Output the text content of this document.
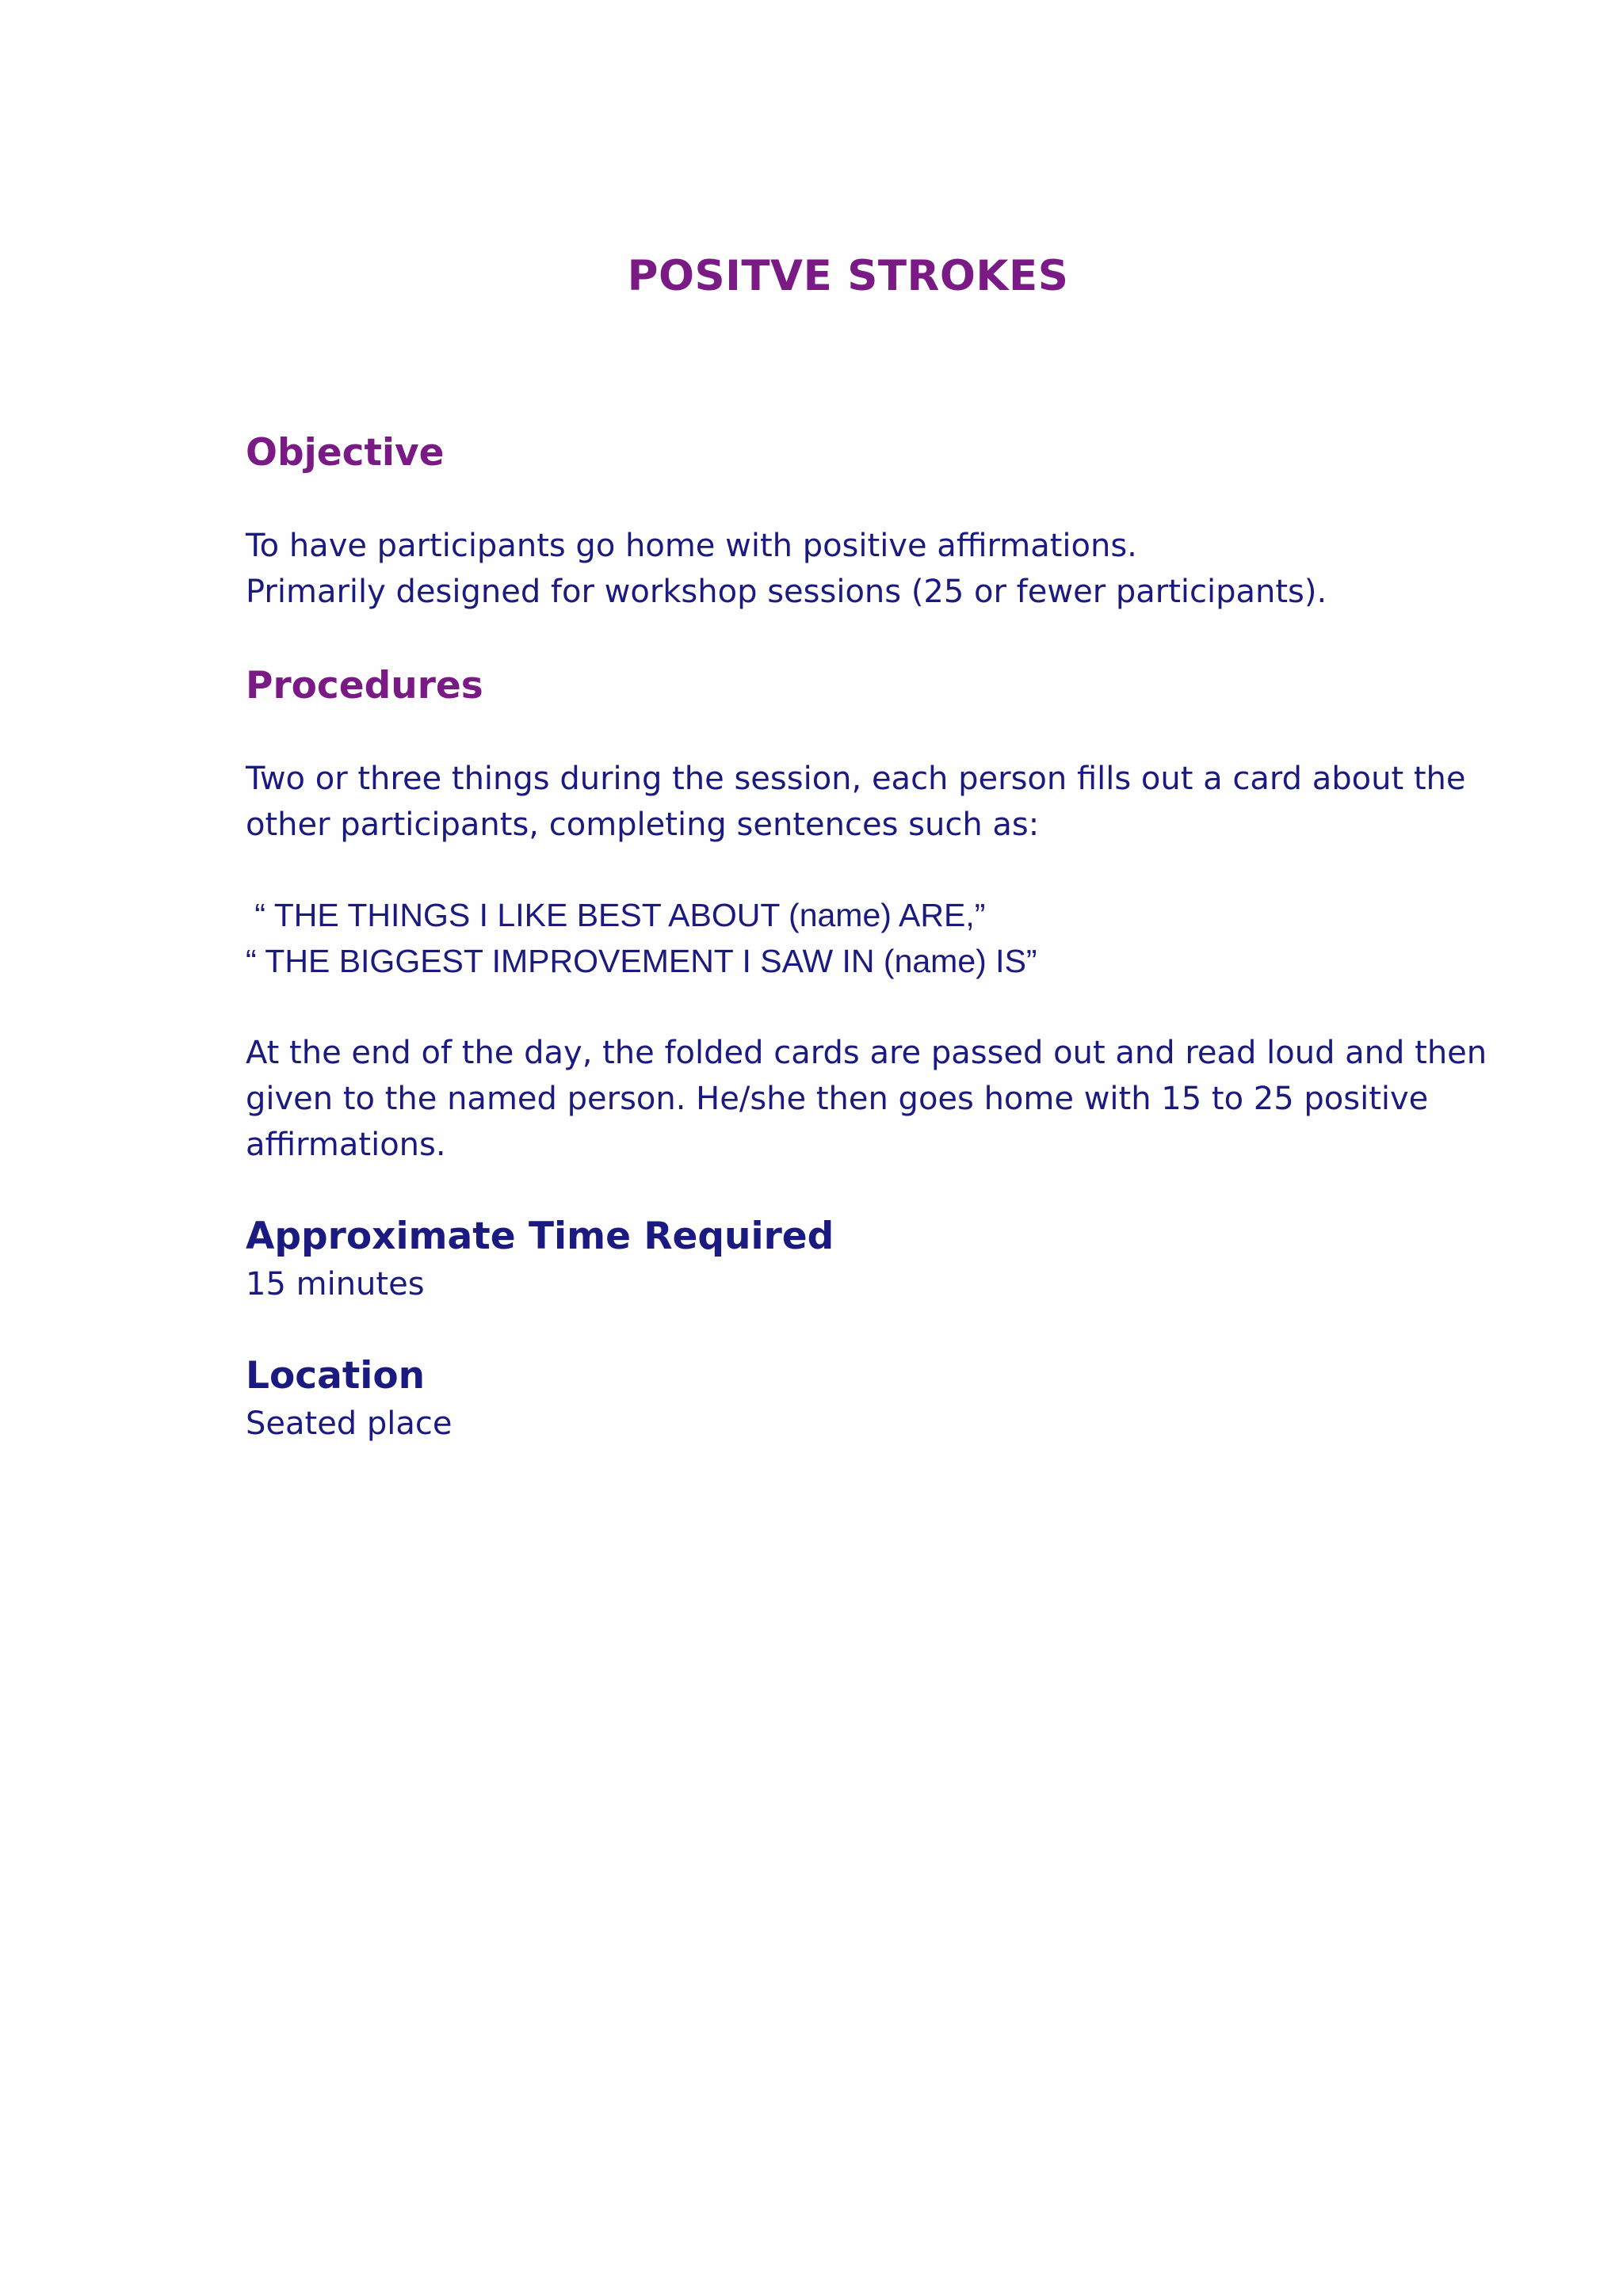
POSITVE STROKES
Objective

To have participants go home with positive affirmations.

Primarily designed for workshop sessions (25 or fewer participants).

Procedures

Two or three things during the session, each person fills out a card about the

other participants, completing sentences such as:

“ THE THINGS I LIKE BEST ABOUT (name) ARE,”

“ THE BIGGEST IMPROVEMENT I SAW IN (name) IS”

At the end of the day, the folded cards are passed out and read loud and then

given to the named person. He/she then goes home with 15 to 25 positive

affirmations.

Approximate Time Required

15 minutes

Location

Seated place
